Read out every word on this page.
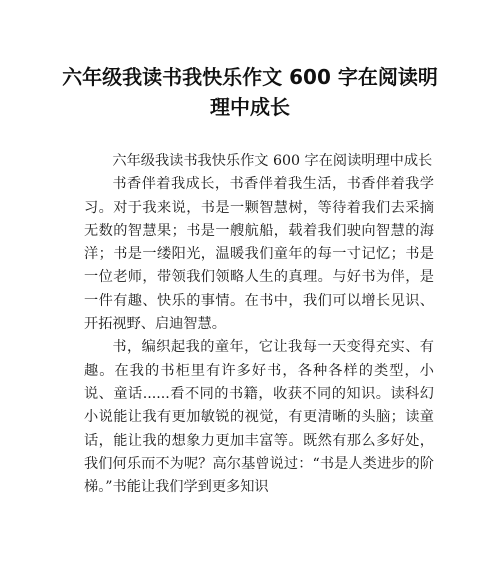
六年级我读书我快乐作文 600 字在阅读明理中成长

六年级我读书我快乐作文 600 字在阅读明理中成长

书香伴着我成长，书香伴着我生活，书香伴着我学习。对于我来说，书是一颗智慧树，等待着我们去采摘无数的智慧果；书是一艘航船，载着我们驶向智慧的海洋；书是一缕阳光，温暖我们童年的每一寸记忆；书是一位老师，带领我们领略人生的真理。与好书为伴，是一件有趣、快乐的事情。在书中，我们可以增长见识、开拓视野、启迪智慧。

书，编织起我的童年，它让我每一天变得充实、有趣。在我的书柜里有许多好书，各种各样的类型，小说、童话......看不同的书籍，收获不同的知识。读科幻小说能让我有更加敏锐的视觉，有更清晰的头脑；读童话，能让我的想象力更加丰富等。既然有那么多好处，我们何乐而不为呢？高尔基曾说过：“书是人类进步的阶梯。”书能让我们学到更多知识
